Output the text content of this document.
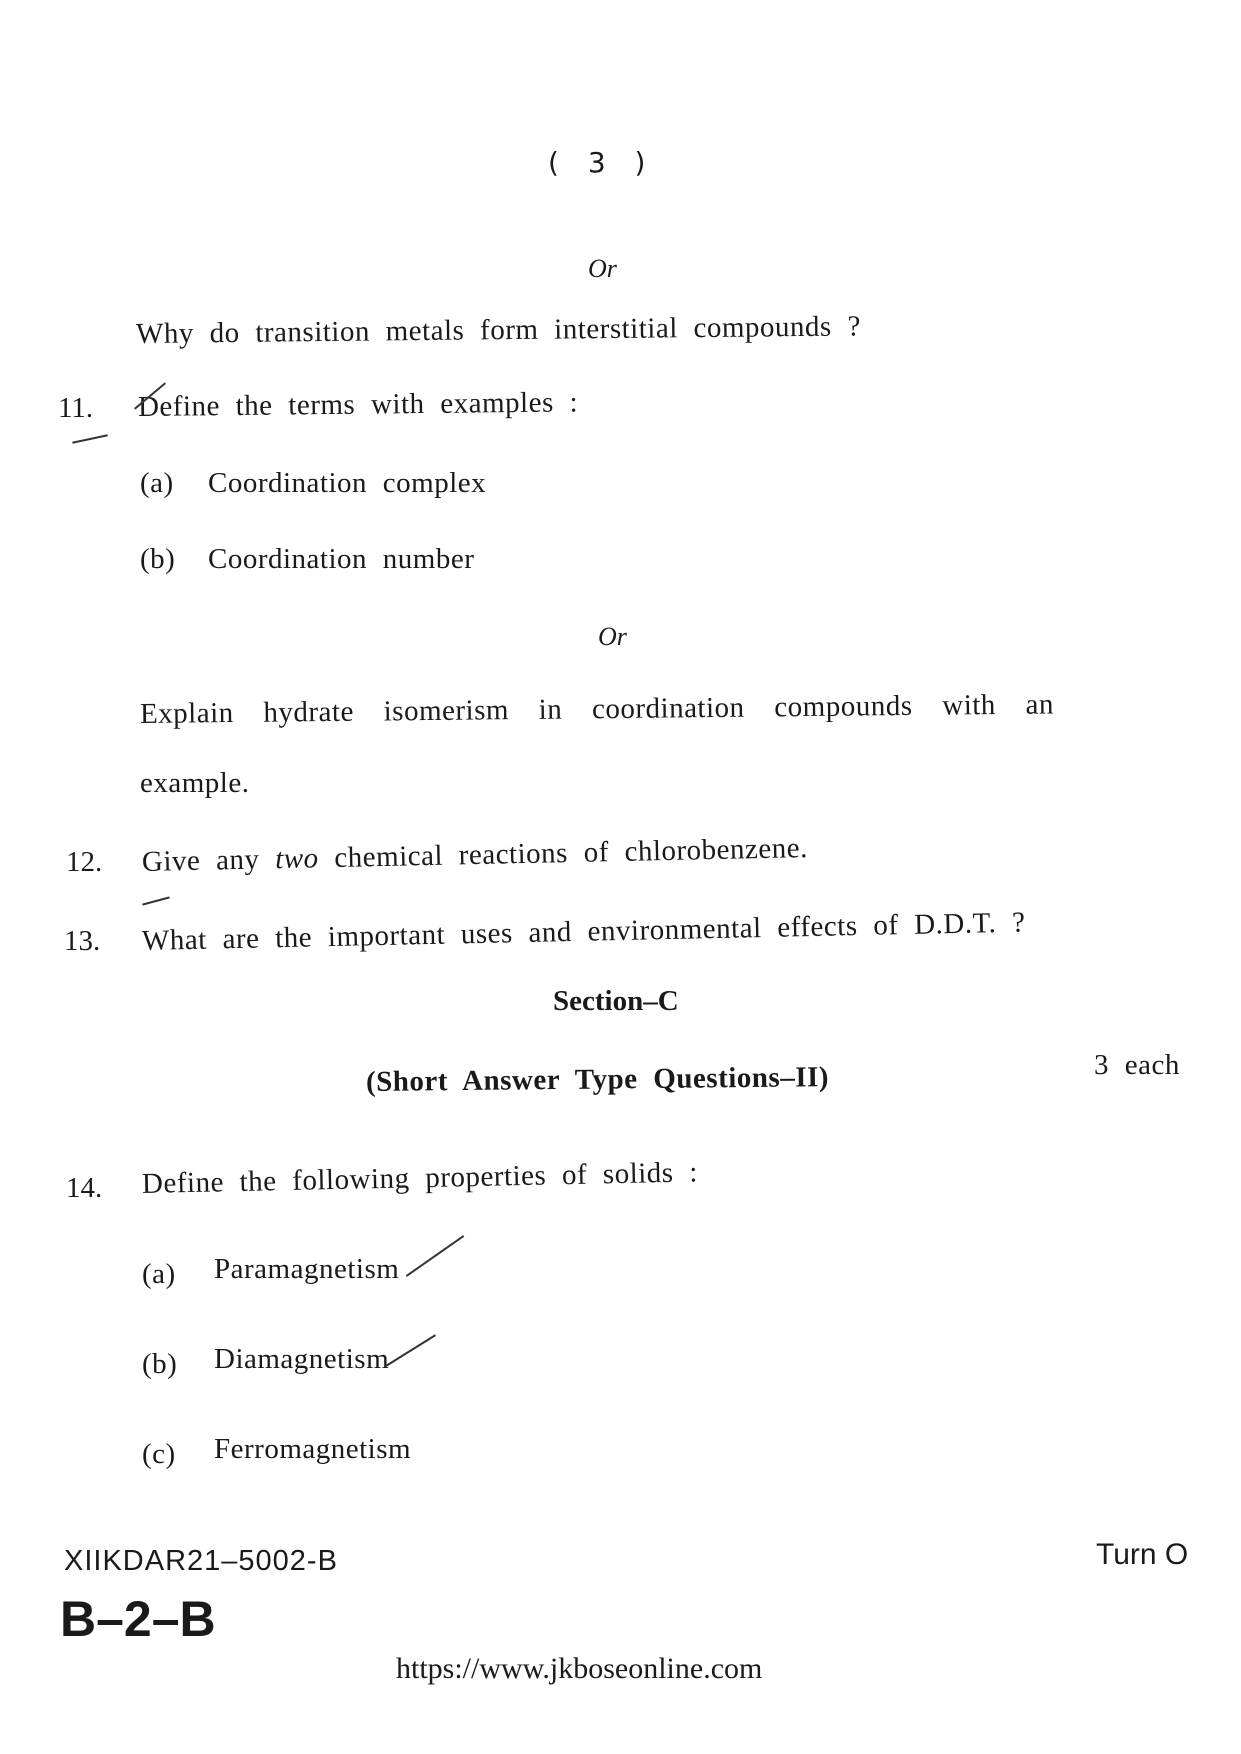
( 3 )
Or
Why do transition metals form interstitial compounds ?
11. Define the terms with examples :
(a) Coordination complex
(b) Coordination number
Or
Explain hydrate isomerism in coordination compounds with an
example.
12. Give any two chemical reactions of chlorobenzene.
13. What are the important uses and environmental effects of D.D.T. ?
Section–C
(Short Answer Type Questions–II)	3 each
14. Define the following properties of solids :
(a) Paramagnetism
(b) Diamagnetism
(c) Ferromagnetism
XIIKDAR21–5002-B
B–2–B
Turn O
https://www.jkboseonline.com
